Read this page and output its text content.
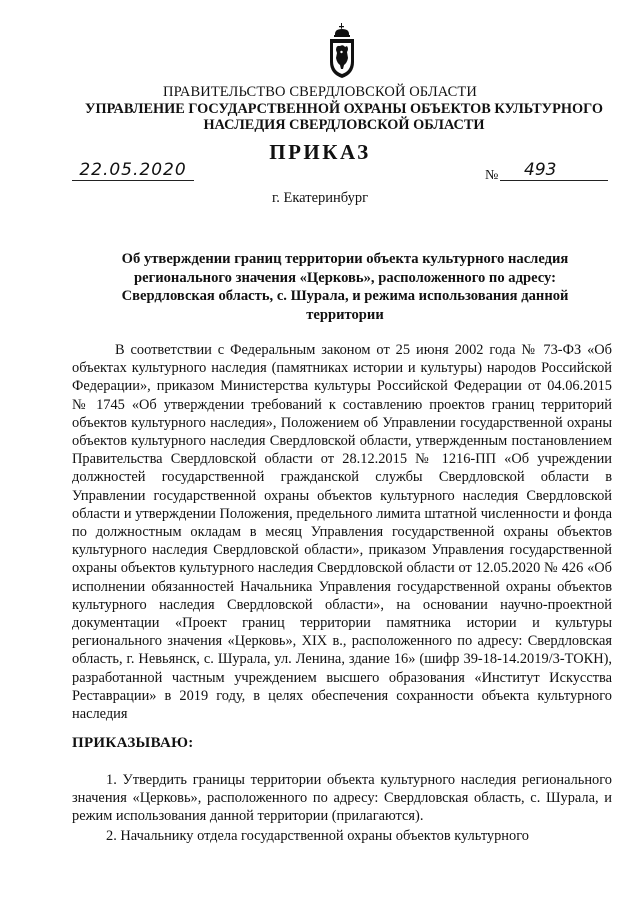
ПРАВИТЕЛЬСТВО СВЕРДЛОВСКОЙ ОБЛАСТИ
УПРАВЛЕНИЕ ГОСУДАРСТВЕННОЙ ОХРАНЫ ОБЪЕКТОВ КУЛЬТУРНОГО НАСЛЕДИЯ СВЕРДЛОВСКОЙ ОБЛАСТИ
ПРИКАЗ
22.05.2020	№	493
г. Екатеринбург
Об утверждении границ территории объекта культурного наследия регионального значения «Церковь», расположенного по адресу: Свердловская область, с. Шурала, и режима использования данной территории

В соответствии с Федеральным законом от 25 июня 2002 года № 73-ФЗ «Об объектах культурного наследия (памятниках истории и культуры) народов Российской Федерации», приказом Министерства культуры Российской Федерации от 04.06.2015 № 1745 «Об утверждении требований к составлению проектов границ территорий объектов культурного наследия», Положением об Управлении государственной охраны объектов культурного наследия Свердловской области, утвержденным постановлением Правительства Свердловской области от 28.12.2015 № 1216-ПП «Об учреждении должностей государственной гражданской службы Свердловской области в Управлении государственной охраны объектов культурного наследия Свердловской области и утверждении Положения, предельного лимита штатной численности и фонда по должностным окладам в месяц Управления государственной охраны объектов культурного наследия Свердловской области», приказом Управления государственной охраны объектов культурного наследия Свердловской области от 12.05.2020 № 426 «Об исполнении обязанностей Начальника Управления государственной охраны объектов культурного наследия Свердловской области», на основании научно-проектной документации «Проект границ территории памятника истории и культуры регионального значения «Церковь», XIX в., расположенного по адресу: Свердловская область, г. Невьянск, с. Шурала, ул. Ленина, здание 16» (шифр 39-18-14.2019/3-ТОКН), разработанной частным учреждением высшего образования «Институт Искусства Реставрации» в 2019 году, в целях обеспечения сохранности объекта культурного наследия

ПРИКАЗЫВАЮ:

1. Утвердить границы территории объекта культурного наследия регионального значения «Церковь», расположенного по адресу: Свердловская область, с. Шурала, и режим использования данной территории (прилагаются).

2. Начальнику отдела государственной охраны объектов культурного
